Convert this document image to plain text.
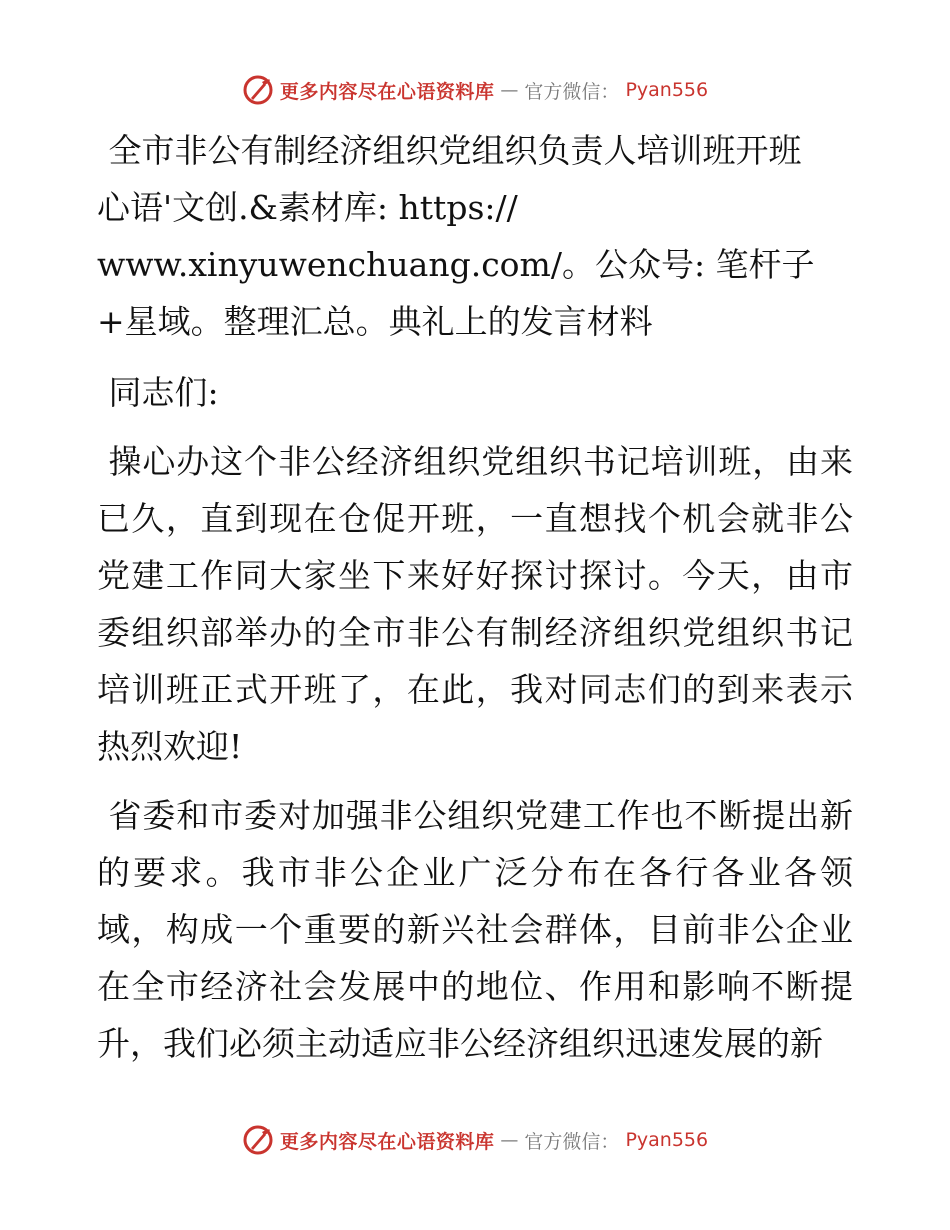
更多内容尽在心语资料库 — 官方微信： Pyan556
全市非公有制经济组织党组织负责人培训班开班
心语'文创.&素材库: https:// www.xinyuwenchuang.com/。公众号: 笔杆子+星域。整理汇总。典礼上的发言材料

同志们:

操心办这个非公经济组织党组织书记培训班，由来已久，直到现在仓促开班，一直想找个机会就非公党建工作同大家坐下来好好探讨探讨。今天，由市委组织部举办的全市非公有制经济组织党组织书记培训班正式开班了，在此，我对同志们的到来表示热烈欢迎!

省委和市委对加强非公组织党建工作也不断提出新的要求。我市非公企业广泛分布在各行各业各领域，构成一个重要的新兴社会群体，目前非公企业在全市经济社会发展中的地位、作用和影响不断提升，我们必须主动适应非公经济组织迅速发展的新

更多内容尽在心语资料库 — 官方微信： Pyan556
